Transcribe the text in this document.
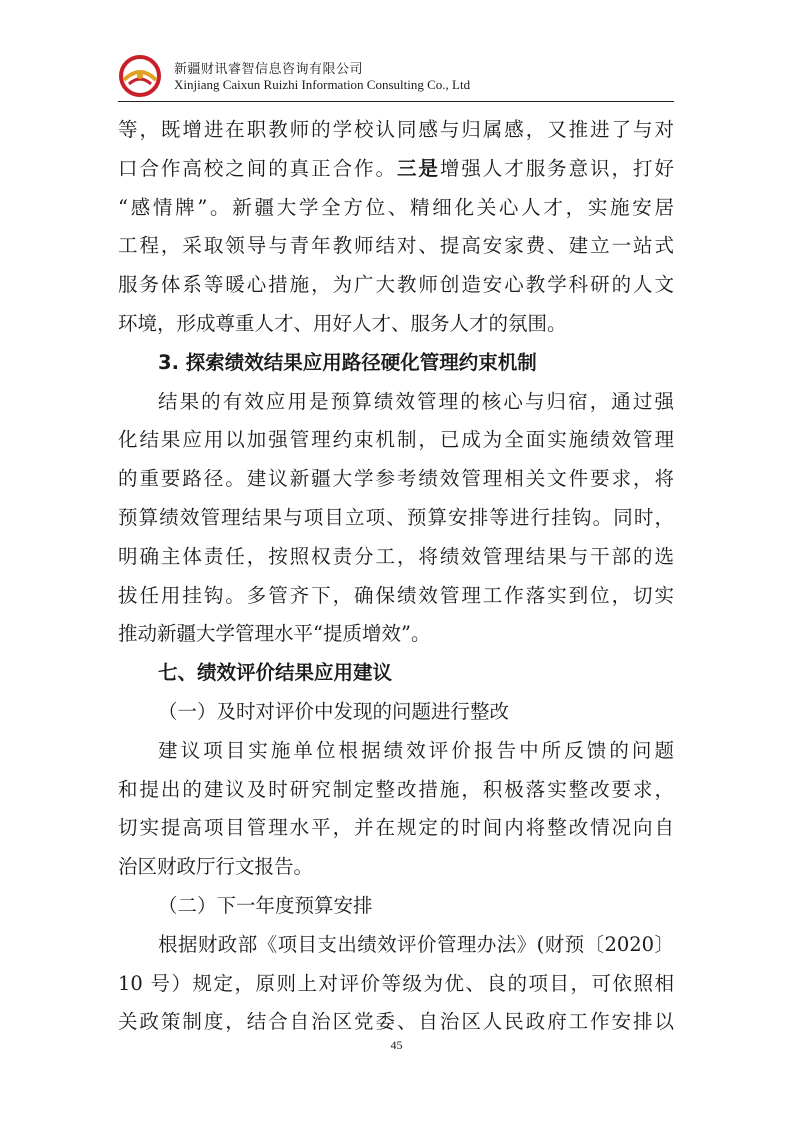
新疆财讯睿智信息咨询有限公司
Xinjiang Caixun Ruizhi Information Consulting Co., Ltd
等，既增进在职教师的学校认同感与归属感，又推进了与对
口合作高校之间的真正合作。三是增强人才服务意识，打好
“感情牌”。新疆大学全方位、精细化关心人才，实施安居
工程，采取领导与青年教师结对、提高安家费、建立一站式
服务体系等暖心措施，为广大教师创造安心教学科研的人文
环境，形成尊重人才、用好人才、服务人才的氛围。
3. 探索绩效结果应用路径硬化管理约束机制
结果的有效应用是预算绩效管理的核心与归宿，通过强
化结果应用以加强管理约束机制，已成为全面实施绩效管理
的重要路径。建议新疆大学参考绩效管理相关文件要求，将
预算绩效管理结果与项目立项、预算安排等进行挂钩。同时，
明确主体责任，按照权责分工，将绩效管理结果与干部的选
拔任用挂钩。多管齐下，确保绩效管理工作落实到位，切实
推动新疆大学管理水平“提质增效”。
七、绩效评价结果应用建议
（一）及时对评价中发现的问题进行整改
建议项目实施单位根据绩效评价报告中所反馈的问题
和提出的建议及时研究制定整改措施，积极落实整改要求，
切实提高项目管理水平，并在规定的时间内将整改情况向自
治区财政厅行文报告。
（二）下一年度预算安排
根据财政部《项目支出绩效评价管理办法》(财预〔2020〕
10 号）规定，原则上对评价等级为优、良的项目，可依照相
关政策制度，结合自治区党委、自治区人民政府工作安排以
45
